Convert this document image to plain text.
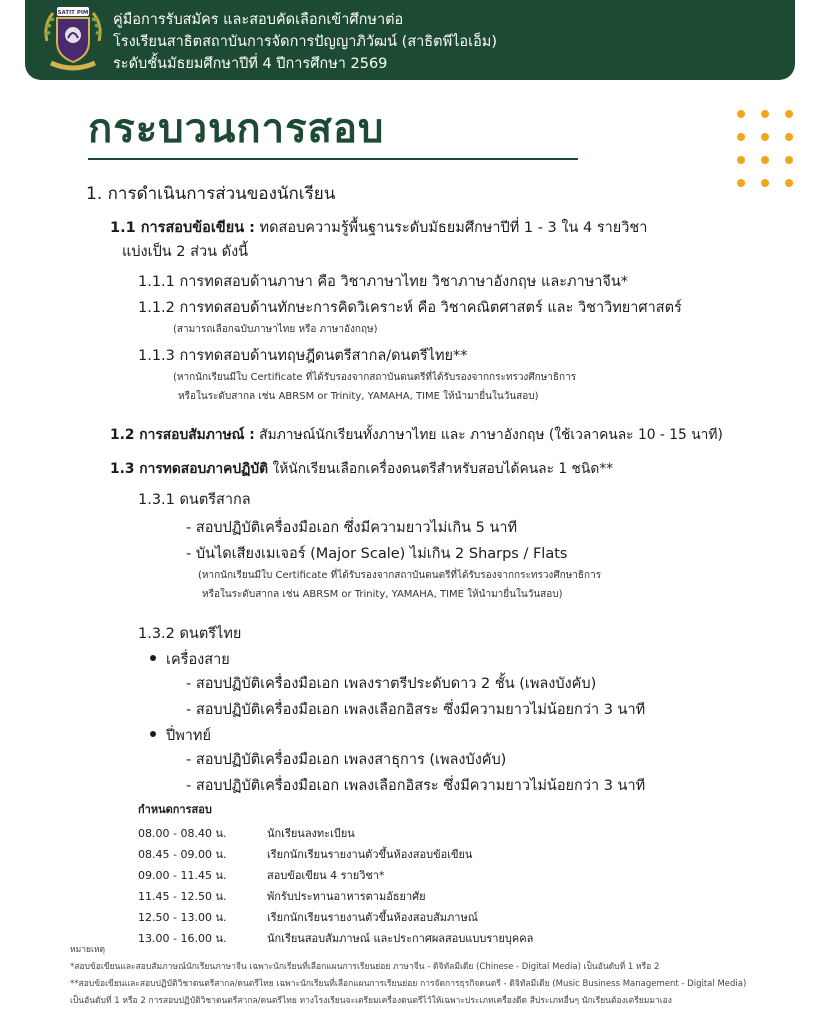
SATIT PIM คู่มือการรับสมัคร และสอบคัดเลือกเข้าศึกษาต่อ
โรงเรียนสาธิตสถาบันการจัดการปัญญาภิวัฒน์ (สาธิตพีไอเอ็ม)
ระดับชั้นมัธยมศึกษาปีที่ 4 ปีการศึกษา 2569
กระบวนการสอบ
1. การดำเนินการส่วนของนักเรียน
1.1 การสอบข้อเขียน : ทดสอบความรู้พื้นฐานระดับมัธยมศึกษาปีที่ 1 - 3 ใน 4 รายวิชา
แบ่งเป็น 2 ส่วน ดังนี้
1.1.1 การทดสอบด้านภาษา คือ วิชาภาษาไทย วิชาภาษาอังกฤษ และภาษาจีน*
1.1.2 การทดสอบด้านทักษะการคิดวิเคราะห์ คือ วิชาคณิตศาสตร์ และ วิชาวิทยาศาสตร์
(สามารถเลือกฉบับภาษาไทย หรือ ภาษาอังกฤษ)
1.1.3 การทดสอบด้านทฤษฎีดนตรีสากล/ดนตรีไทย**
(หากนักเรียนมีใบ Certificate ที่ได้รับรองจากสถาบันดนตรีที่ได้รับรองจากกระทรวงศึกษาธิการ
หรือในระดับสากล เช่น ABRSM or Trinity, YAMAHA, TIME ให้นำมายื่นในวันสอบ)
1.2 การสอบสัมภาษณ์ : สัมภาษณ์นักเรียนทั้งภาษาไทย และ ภาษาอังกฤษ (ใช้เวลาคนละ 10 - 15 นาที)
1.3 การทดสอบภาคปฏิบัติ ให้นักเรียนเลือกเครื่องดนตรีสำหรับสอบได้คนละ 1 ชนิด**
1.3.1 ดนตรีสากล
- สอบปฏิบัติเครื่องมือเอก ซึ่งมีความยาวไม่เกิน 5 นาที
- บันไดเสียงเมเจอร์ (Major Scale) ไม่เกิน 2 Sharps / Flats
(หากนักเรียนมีใบ Certificate ที่ได้รับรองจากสถาบันดนตรีที่ได้รับรองจากกระทรวงศึกษาธิการ
หรือในระดับสากล เช่น ABRSM or Trinity, YAMAHA, TIME ให้นำมายื่นในวันสอบ)
1.3.2 ดนตรีไทย
เครื่องสาย
- สอบปฏิบัติเครื่องมือเอก เพลงราตรีประดับดาว 2 ชั้น (เพลงบังคับ)
- สอบปฏิบัติเครื่องมือเอก เพลงเลือกอิสระ ซึ่งมีความยาวไม่น้อยกว่า 3 นาที
ปี่พาทย์
- สอบปฏิบัติเครื่องมือเอก เพลงสาธุการ (เพลงบังคับ)
- สอบปฏิบัติเครื่องมือเอก เพลงเลือกอิสระ ซึ่งมีความยาวไม่น้อยกว่า 3 นาที
กำหนดการสอบ
08.00 - 08.40 น.	นักเรียนลงทะเบียน
08.45 - 09.00 น.	เรียกนักเรียนรายงานตัวขึ้นห้องสอบข้อเขียน
09.00 - 11.45 น.	สอบข้อเขียน 4 รายวิชา*
11.45 - 12.50 น.	พักรับประทานอาหารตามอัธยาศัย
12.50 - 13.00 น.	เรียกนักเรียนรายงานตัวขึ้นห้องสอบสัมภาษณ์
13.00 - 16.00 น.	นักเรียนสอบสัมภาษณ์ และประกาศผลสอบแบบรายบุคคล
หมายเหตุ
*สอบข้อเขียนและสอบสัมภาษณ์นักเรียนภาษาจีน เฉพาะนักเรียนที่เลือกแผนการเรียนย่อย ภาษาจีน - ดิจิทัลมีเดีย (Chinese - Digital Media) เป็นอันดับที่ 1 หรือ 2
**สอบข้อเขียนและสอบปฏิบัติวิชาดนตรีสากล/ดนตรีไทย เฉพาะนักเรียนที่เลือกแผนการเรียนย่อย การจัดการธุรกิจดนตรี - ดิจิทัลมีเดีย (Music Business Management - Digital Media)
เป็นอันดับที่ 1 หรือ 2 การสอบปฏิบัติวิชาดนตรีสากล/ดนตรีไทย ทางโรงเรียนจะเตรียมเครื่องดนตรีไว้ให้เฉพาะประเภทเครื่องดีด สีประเภทอื่นๆ นักเรียนต้องเตรียมมาเอง
